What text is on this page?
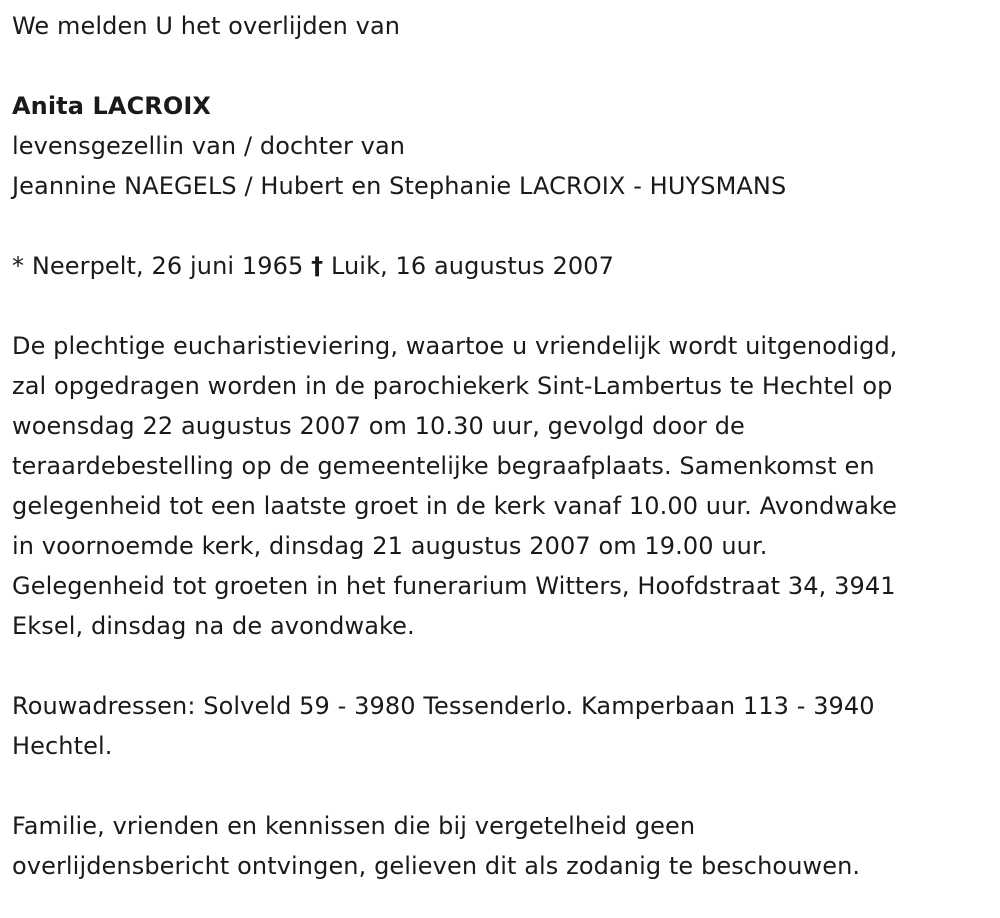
We melden U het overlijden van
Anita LACROIX
levensgezellin van / dochter van
Jeannine NAEGELS / Hubert en Stephanie LACROIX - HUYSMANS
* Neerpelt, 26 juni 1965 † Luik, 16 augustus 2007
De plechtige eucharistieviering, waartoe u vriendelijk wordt uitgenodigd,
zal opgedragen worden in de parochiekerk Sint-Lambertus te Hechtel op
woensdag 22 augustus 2007 om 10.30 uur, gevolgd door de
teraardebestelling op de gemeentelijke begraafplaats. Samenkomst en
gelegenheid tot een laatste groet in de kerk vanaf 10.00 uur. Avondwake
in voornoemde kerk, dinsdag 21 augustus 2007 om 19.00 uur.
Gelegenheid tot groeten in het funerarium Witters, Hoofdstraat 34, 3941
Eksel, dinsdag na de avondwake.
Rouwadressen: Solveld 59 - 3980 Tessenderlo. Kamperbaan 113 - 3940
Hechtel.
Familie, vrienden en kennissen die bij vergetelheid geen
overlijdensbericht ontvingen, gelieven dit als zodanig te beschouwen.
